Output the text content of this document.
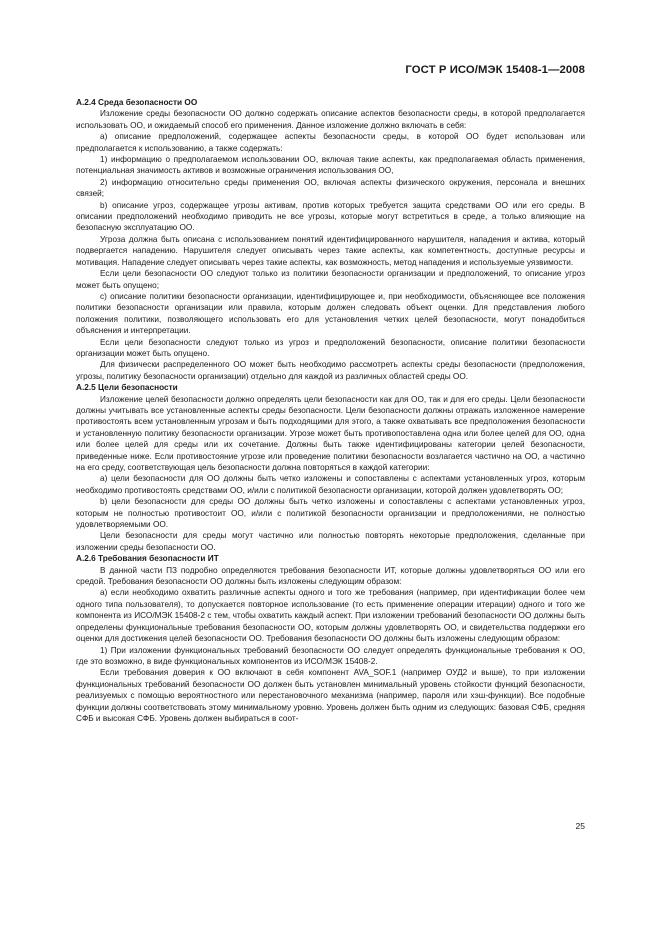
ГОСТ Р ИСО/МЭК 15408-1—2008
А.2.4 Среда безопасности ОО

Изложение среды безопасности ОО должно содержать описание аспектов безопасности среды, в которой предполагается использовать ОО, и ожидаемый способ его применения. Данное изложение должно включать в себя:

а) описание предположений, содержащее аспекты безопасности среды, в которой ОО будет использован или предполагается к использованию, а также содержать:

1) информацию о предполагаемом использовании ОО, включая такие аспекты, как предполагаемая область применения, потенциальная значимость активов и возможные ограничения использования ОО,

2) информацию относительно среды применения ОО, включая аспекты физического окружения, персонала и внешних связей;

b) описание угроз, содержащее угрозы активам, против которых требуется защита средствами ОО или его среды. В описании предположений необходимо приводить не все угрозы, которые могут встретиться в среде, а только влияющие на безопасную эксплуатацию ОО.

Угроза должна быть описана с использованием понятий идентифицированного нарушителя, нападения и актива, который подвергается нападению. Нарушителя следует описывать через такие аспекты, как компетентность, доступные ресурсы и мотивация. Нападение следует описывать через такие аспекты, как возможность, метод нападения и используемые уязвимости.

Если цели безопасности ОО следуют только из политики безопасности организации и предположений, то описание угроз может быть опущено;

с) описание политики безопасности организации, идентифицирующее и, при необходимости, объясняющее все положения политики безопасности организации или правила, которым должен следовать объект оценки. Для представления любого положения политики, позволяющего использовать его для установления четких целей безопасности, могут понадобиться объяснения и интерпретации.

Если цели безопасности следуют только из угроз и предположений безопасности, описание политики безопасности организации может быть опущено.

Для физически распределенного ОО может быть необходимо рассмотреть аспекты среды безопасности (предположения, угрозы, политику безопасности организации) отдельно для каждой из различных областей среды ОО.

А.2.5 Цели безопасности

Изложение целей безопасности должно определять цели безопасности как для ОО, так и для его среды. Цели безопасности должны учитывать все установленные аспекты среды безопасности. Цели безопасности должны отражать изложенное намерение противостоять всем установленным угрозам и быть подходящими для этого, а также охватывать все предположения безопасности и установленную политику безопасности организации. Угрозе может быть противопоставлена одна или более целей для ОО, одна или более целей для среды или их сочетание. Должны быть также идентифицированы категории целей безопасности, приведенные ниже. Если противостояние угрозе или проведение политики безопасности возлагается частично на ОО, а частично на его среду, соответствующая цель безопасности должна повторяться в каждой категории:

а) цели безопасности для ОО должны быть четко изложены и сопоставлены с аспектами установленных угроз, которым необходимо противостоять средствами ОО, и/или с политикой безопасности организации, которой должен удовлетворять ОО;

b) цели безопасности для среды ОО должны быть четко изложены и сопоставлены с аспектами установленных угроз, которым не полностью противостоит ОО, и/или с политикой безопасности организации и предположениями, не полностью удовлетворяемыми ОО.

Цели безопасности для среды могут частично или полностью повторять некоторые предположения, сделанные при изложении среды безопасности ОО.

А.2.6 Требования безопасности ИТ

В данной части ПЗ подробно определяются требования безопасности ИТ, которые должны удовлетворяться ОО или его средой. Требования безопасности ОО должны быть изложены следующим образом:

а) если необходимо охватить различные аспекты одного и того же требования (например, при идентификации более чем одного типа пользователя), то допускается повторное использование (то есть применение операции итерации) одного и того же компонента из ИСО/МЭК 15408-2 с тем, чтобы охватить каждый аспект. При изложении требований безопасности ОО должны быть определены функциональные требования безопасности ОО, которым должны удовлетворять ОО, и свидетельства поддержки его оценки для достижения целей безопасности ОО. Требования безопасности ОО должны быть изложены следующим образом:

1) При изложении функциональных требований безопасности ОО следует определять функциональные требования к ОО, где это возможно, в виде функциональных компонентов из ИСО/МЭК 15408-2.

Если требования доверия к ОО включают в себя компонент AVA_SOF.1 (например ОУД2 и выше), то при изложении функциональных требований безопасности ОО должен быть установлен минимальный уровень стойкости функций безопасности, реализуемых с помощью вероятностного или перестановочного механизма (например, пароля или хэш-функции). Все подобные функции должны соответствовать этому минимальному уровню. Уровень должен быть одним из следующих: базовая СФБ, средняя СФБ и высокая СФБ. Уровень должен выбираться в соот-

25
